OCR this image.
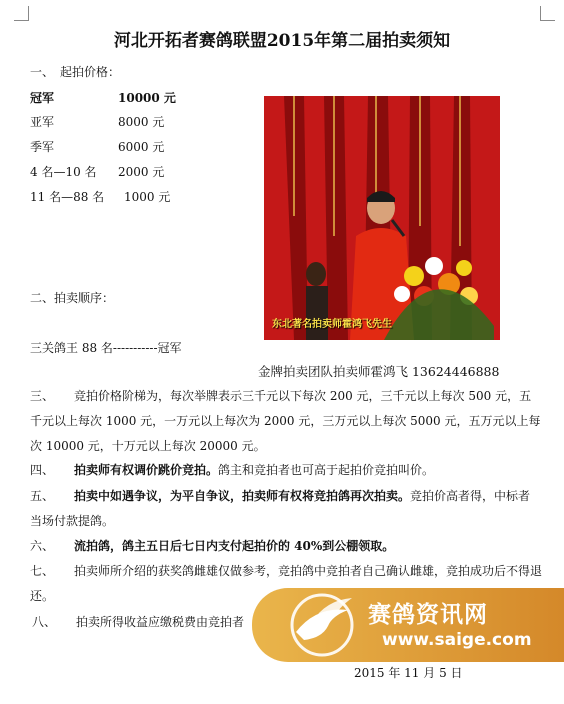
河北开拓者赛鸽联盟2015年第二届拍卖须知
一、　起拍价格：
冠军	10000 元
亚军	8000 元
季军	6000 元
4 名—10 名 2000 元
11 名—88 名 1000 元
二、拍卖顺序：
三关鸽王 88 名-----------冠军
东北著名拍卖师霍鸿飞先生
金牌拍卖团队拍卖师霍鸿飞 13624446888
三、 竞拍价格阶梯为，每次举牌表示三千元以下每次 200 元，三千元以上每次 500 元，五千元以上每次 1000 元，一万元以上每次为 2000 元，三万元以上每次 5000 元，五万元以上每次 10000 元，十万元以上每次 20000 元。
四、 拍卖师有权调价跳价竞拍。鸽主和竞拍者也可高于起拍价竞拍叫价。
五、 拍卖中如遇争议，为平自争议，拍卖师有权将竞拍鸽再次拍卖。竞拍价高者得，中标者当场付款提鸽。
六、 流拍鸽，鸽主五日后七日内支付起拍价的 40%到公棚领取。
七、 拍卖师所介绍的获奖鸽雌雄仅做参考，竞拍鸽中竞拍者自己确认雌雄，竞拍成功后不得退还。
八、 拍卖所得收益应缴税费由竞拍者	赛鸽资讯网
www.saige.com
2015 年 11 月 5 日
